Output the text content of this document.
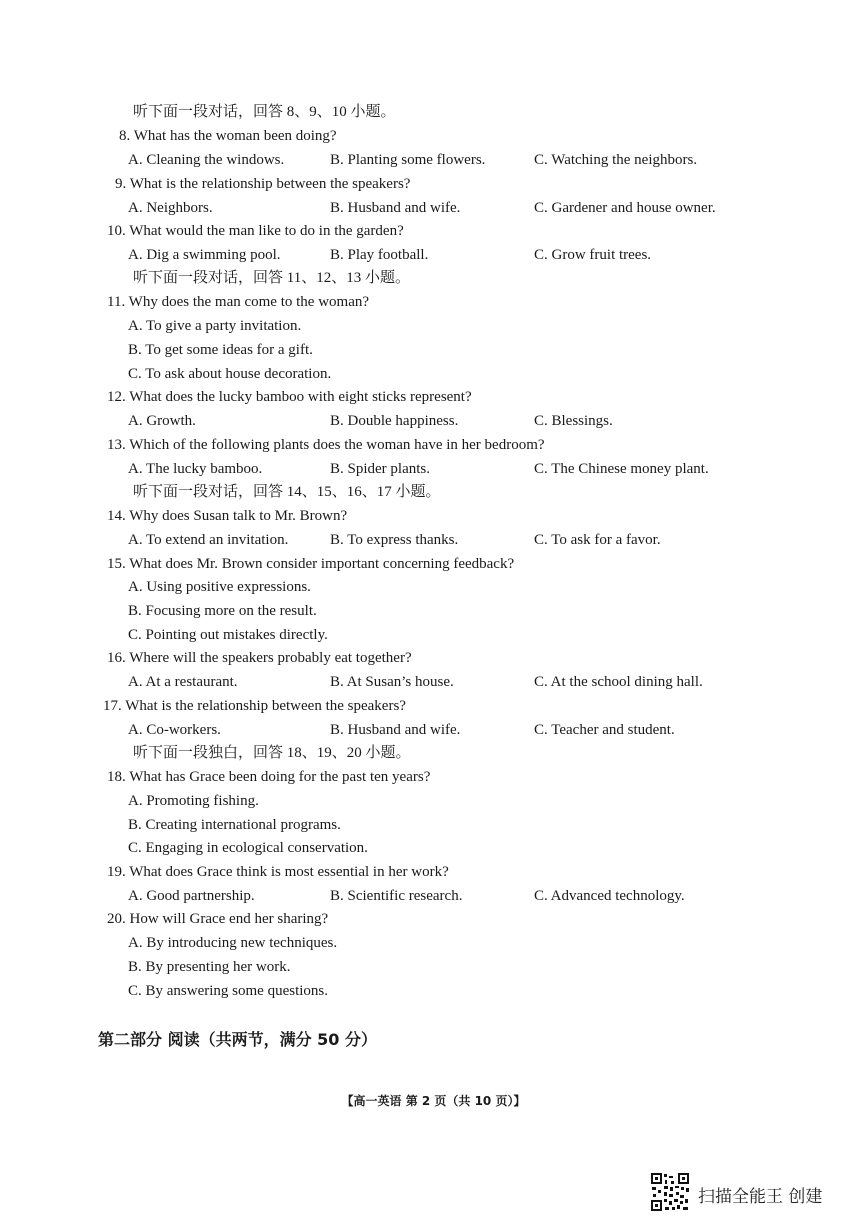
听下面一段对话，回答 8、9、10 小题。
8. What has the woman been doing?
A. Cleaning the windows.	B. Planting some flowers.	C. Watching the neighbors.
9. What is the relationship between the speakers?
A. Neighbors.	B. Husband and wife.	C. Gardener and house owner.
10. What would the man like to do in the garden?
A. Dig a swimming pool.	B. Play football.	C. Grow fruit trees.
听下面一段对话，回答 11、12、13 小题。
11. Why does the man come to the woman?
A. To give a party invitation.
B. To get some ideas for a gift.
C. To ask about house decoration.
12. What does the lucky bamboo with eight sticks represent?
A. Growth.	B. Double happiness.	C. Blessings.
13. Which of the following plants does the woman have in her bedroom?
A. The lucky bamboo.	B. Spider plants.	C. The Chinese money plant.
听下面一段对话，回答 14、15、16、17 小题。
14. Why does Susan talk to Mr. Brown?
A. To extend an invitation.	B. To express thanks.	C. To ask for a favor.
15. What does Mr. Brown consider important concerning feedback?
A. Using positive expressions.
B. Focusing more on the result.
C. Pointing out mistakes directly.
16. Where will the speakers probably eat together?
A. At a restaurant.	B. At Susan’s house.	C. At the school dining hall.
17. What is the relationship between the speakers?
A. Co-workers.	B. Husband and wife.	C. Teacher and student.
听下面一段独白，回答 18、19、20 小题。
18. What has Grace been doing for the past ten years?
A. Promoting fishing.
B. Creating international programs.
C. Engaging in ecological conservation.
19. What does Grace think is most essential in her work?
A. Good partnership.	B. Scientific research.	C. Advanced technology.
20. How will Grace end her sharing?
A. By introducing new techniques.
B. By presenting her work.
C. By answering some questions.
第二部分 阅读（共两节，满分 50 分）
【高一英语 第 2 页（共 10 页）】
扫描全能王 创建
